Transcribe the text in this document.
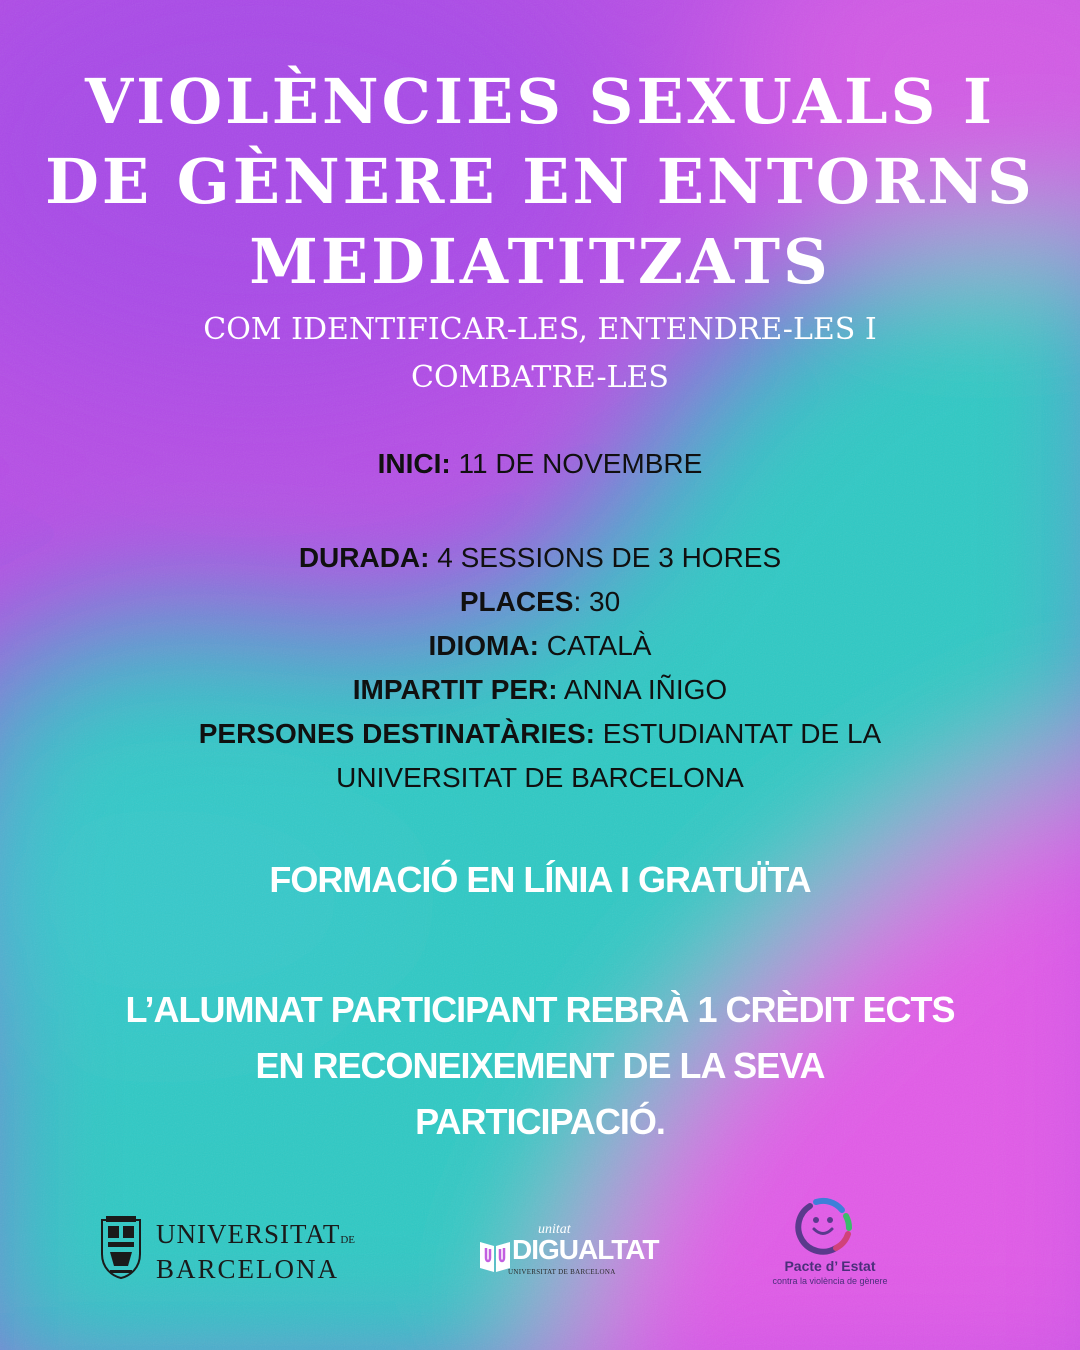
VIOLÈNCIES SEXUALS I
DE GÈNERE EN ENTORNS
MEDIATITZATS
COM IDENTIFICAR-LES, ENTENDRE-LES I
COMBATRE-LES
INICI: 11 DE NOVEMBRE
DURADA: 4 SESSIONS DE 3 HORES
PLACES: 30
IDIOMA: CATALÀ
IMPARTIT PER: ANNA IÑIGO
PERSONES DESTINATÀRIES: ESTUDIANTAT DE LA
UNIVERSITAT DE BARCELONA
FORMACIÓ EN LÍNIA I GRATUÏTA
L’ALUMNAT PARTICIPANT REBRÀ 1 CRÈDIT ECTS
EN RECONEIXEMENT DE LA SEVA
PARTICIPACIÓ.
UNIVERSITATDE
BARCELONA
unitat
DIGUALTAT
UNIVERSITAT DE BARCELONA	Pacte d’ Estat
contra la violència de gènere
